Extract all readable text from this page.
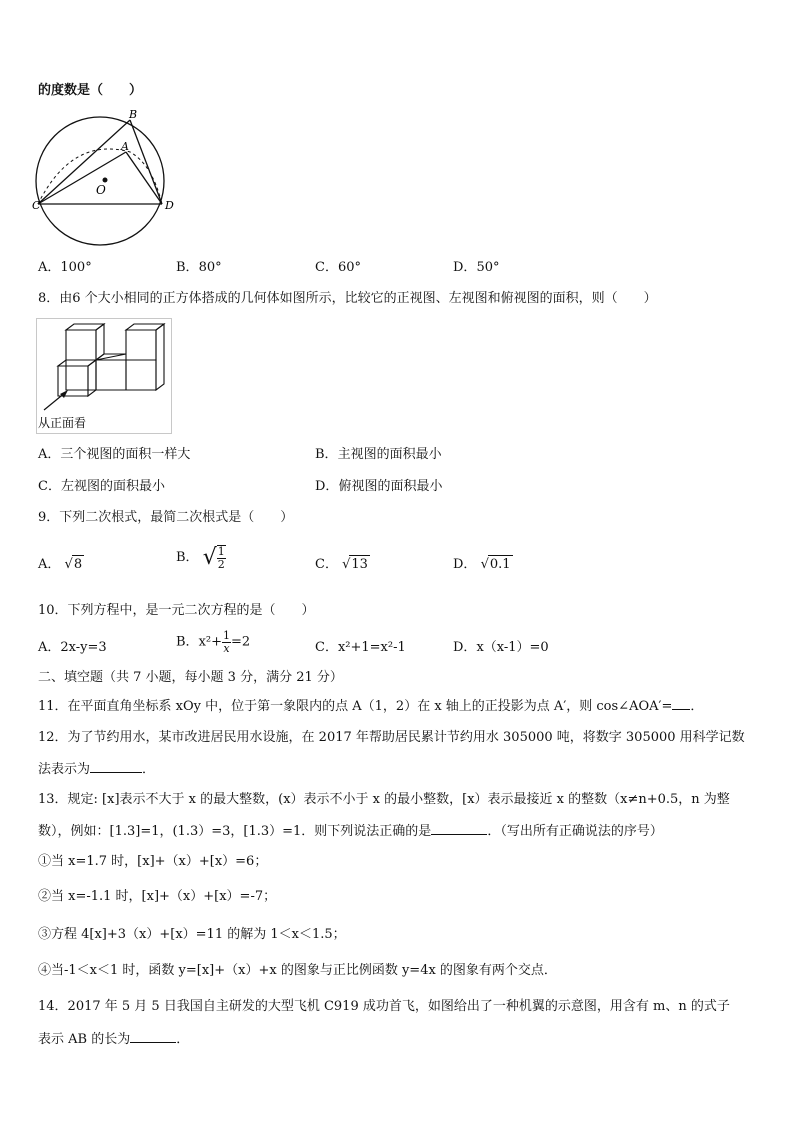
的度数是（　　）
B
A
O
C	D
A．100°	B．80°	C．60°	D．50°
8．由6 个大小相同的正方体搭成的几何体如图所示，比较它的正视图、左视图和俯视图的面积，则（　　）
从正面看
A．三个视图的面积一样大	B．主视图的面积最小
C．左视图的面积最小	D．俯视图的面积最小
9．下列二次根式，最简二次根式是（　　）
A． √8	B． √ $\frac{1}{2}$	C． √13	D． √0.1
10．下列方程中，是一元二次方程的是（　　）
A．2x-y=3	B．$x^2+ \frac{1}{x} =2$	C．x²+1=x²-1	D．x（x-1）=0
二、填空题（共 7 小题，每小题 3 分，满分 21 分）
11．在平面直角坐标系 xOy 中，位于第一象限内的点 A（1，2）在 x 轴上的正投影为点 A′，则 cos∠AOA′= ．
12．为了节约用水，某市改进居民用水设施，在 2017 年帮助居民累计节约用水 305000 吨，将数字 305000 用科学记数
法表示为	．
13．规定: [x]表示不大于 x 的最大整数，(x）表示不小于 x 的最小整数，[x）表示最接近 x 的整数（x≠n+0.5，n 为整
数），例如：[1.3]=1，(1.3）=3，[1.3）=1．则下列说法正确的是	．（写出所有正确说法的序号）
①当 x=1.7 时，[x]+（x）+[x）=6；
②当 x=-1.1 时，[x]+（x）+[x）=-7；
③方程 4[x]+3（x）+[x）=11 的解为 1＜x＜1.5；
④当-1＜x＜1 时，函数 y=[x]+（x）+x 的图象与正比例函数 y=4x 的图象有两个交点．
14．2017 年 5 月 5 日我国自主研发的大型飞机 C919 成功首飞，如图给出了一种机翼的示意图，用含有 m、n 的式子
表示 AB 的长为	．
